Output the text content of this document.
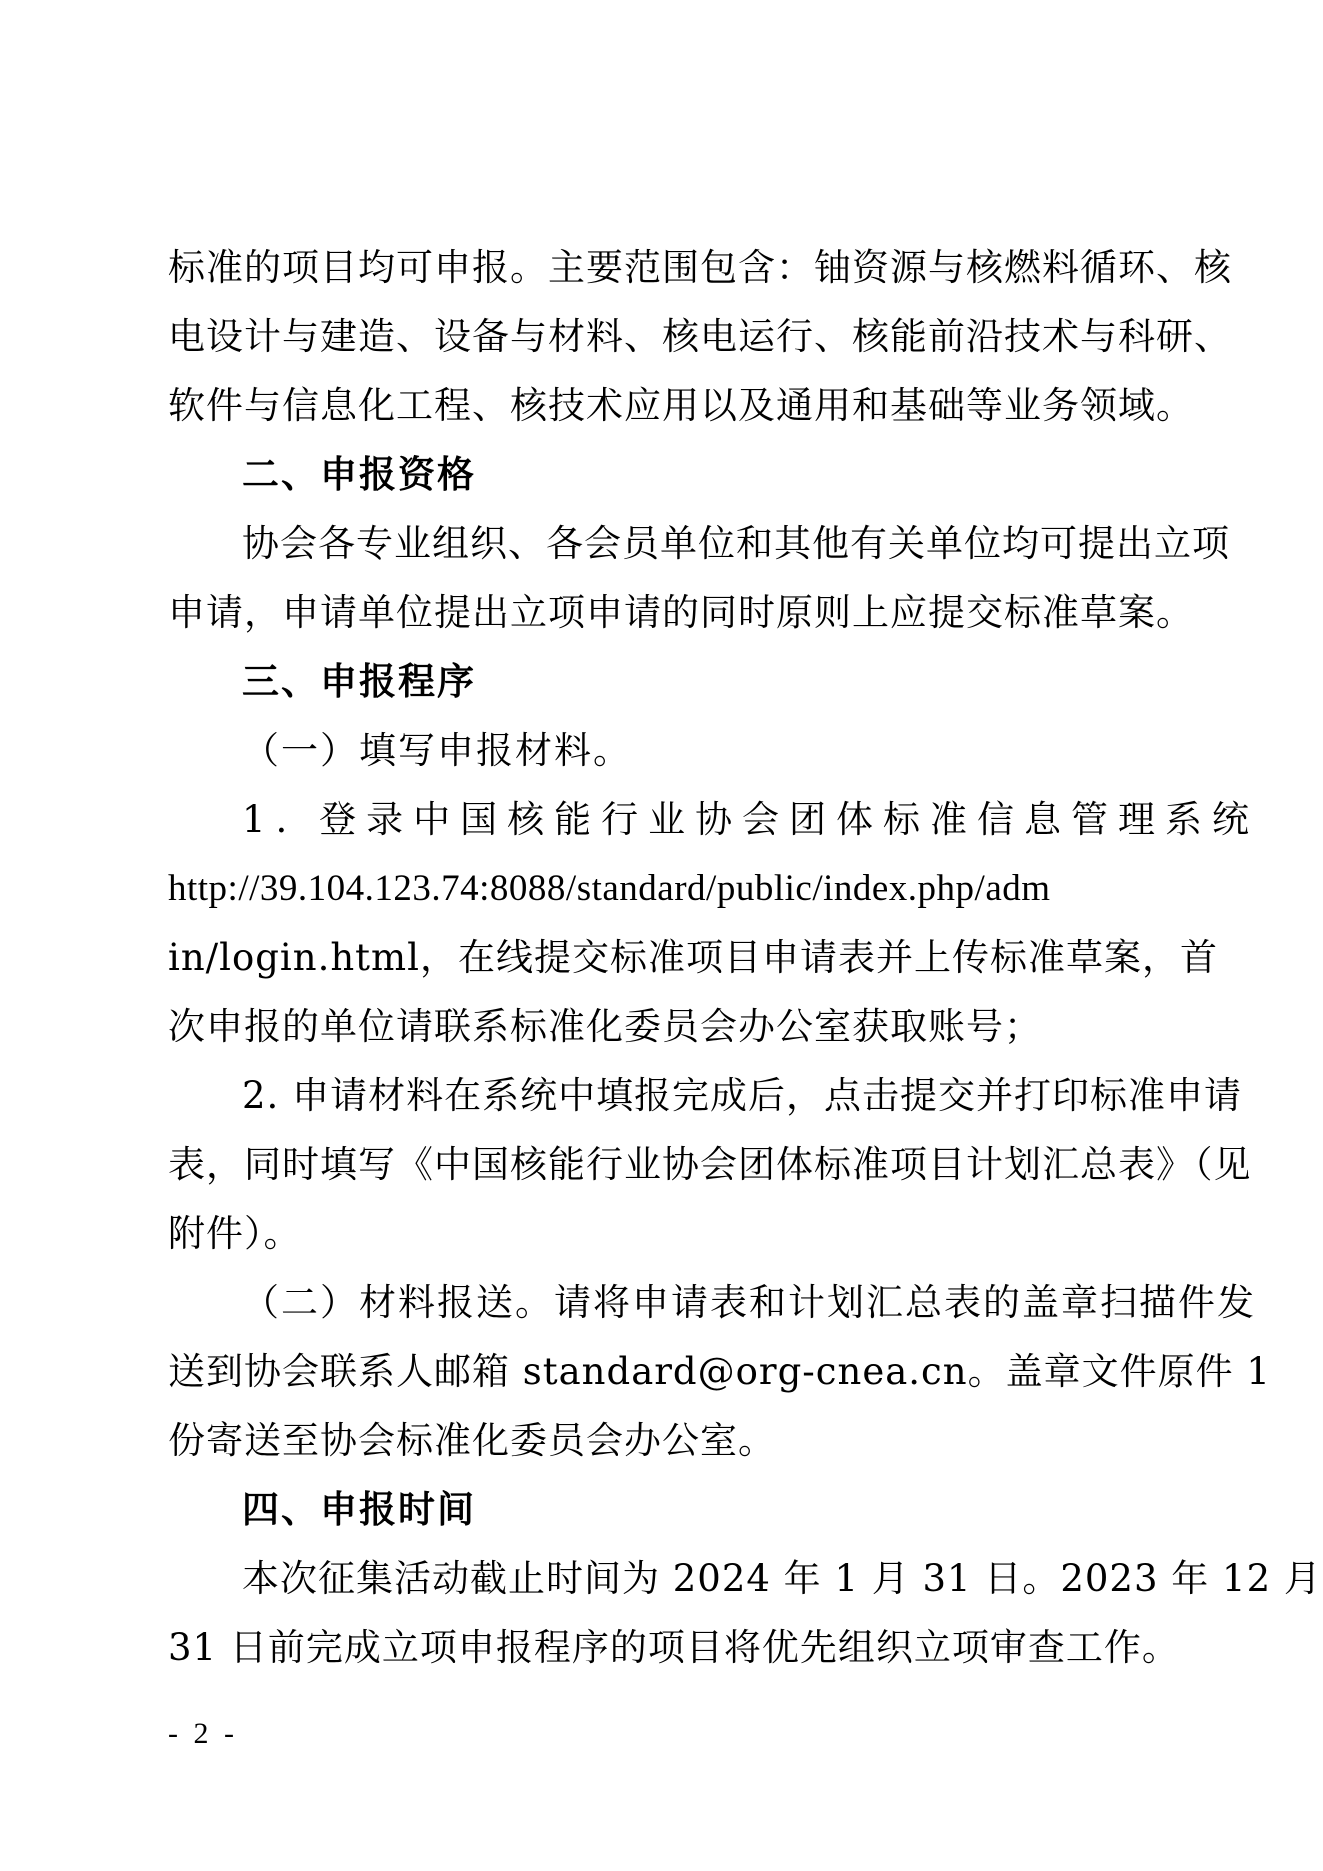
标准的项目均可申报。主要范围包含：铀资源与核燃料循环、核
电设计与建造、设备与材料、核电运行、核能前沿技术与科研、
软件与信息化工程、核技术应用以及通用和基础等业务领域。
二、申报资格
协会各专业组织、各会员单位和其他有关单位均可提出立项
申请，申请单位提出立项申请的同时原则上应提交标准草案。
三、申报程序
（一）填写申报材料。
1. 登录中国核能行业协会团体标准信息管理系统
http://39.104.123.74:8088/standard/public/index.php/adm
in/login.html，在线提交标准项目申请表并上传标准草案，首
次申报的单位请联系标准化委员会办公室获取账号；
2. 申请材料在系统中填报完成后，点击提交并打印标准申请
表，同时填写《中国核能行业协会团体标准项目计划汇总表》（见
附件）。
（二）材料报送。请将申请表和计划汇总表的盖章扫描件发
送到协会联系人邮箱 standard@org-cnea.cn。盖章文件原件 1
份寄送至协会标准化委员会办公室。
四、申报时间
本次征集活动截止时间为 2024 年 1 月 31 日。2023 年 12 月
31 日前完成立项申报程序的项目将优先组织立项审查工作。
- 2 -
